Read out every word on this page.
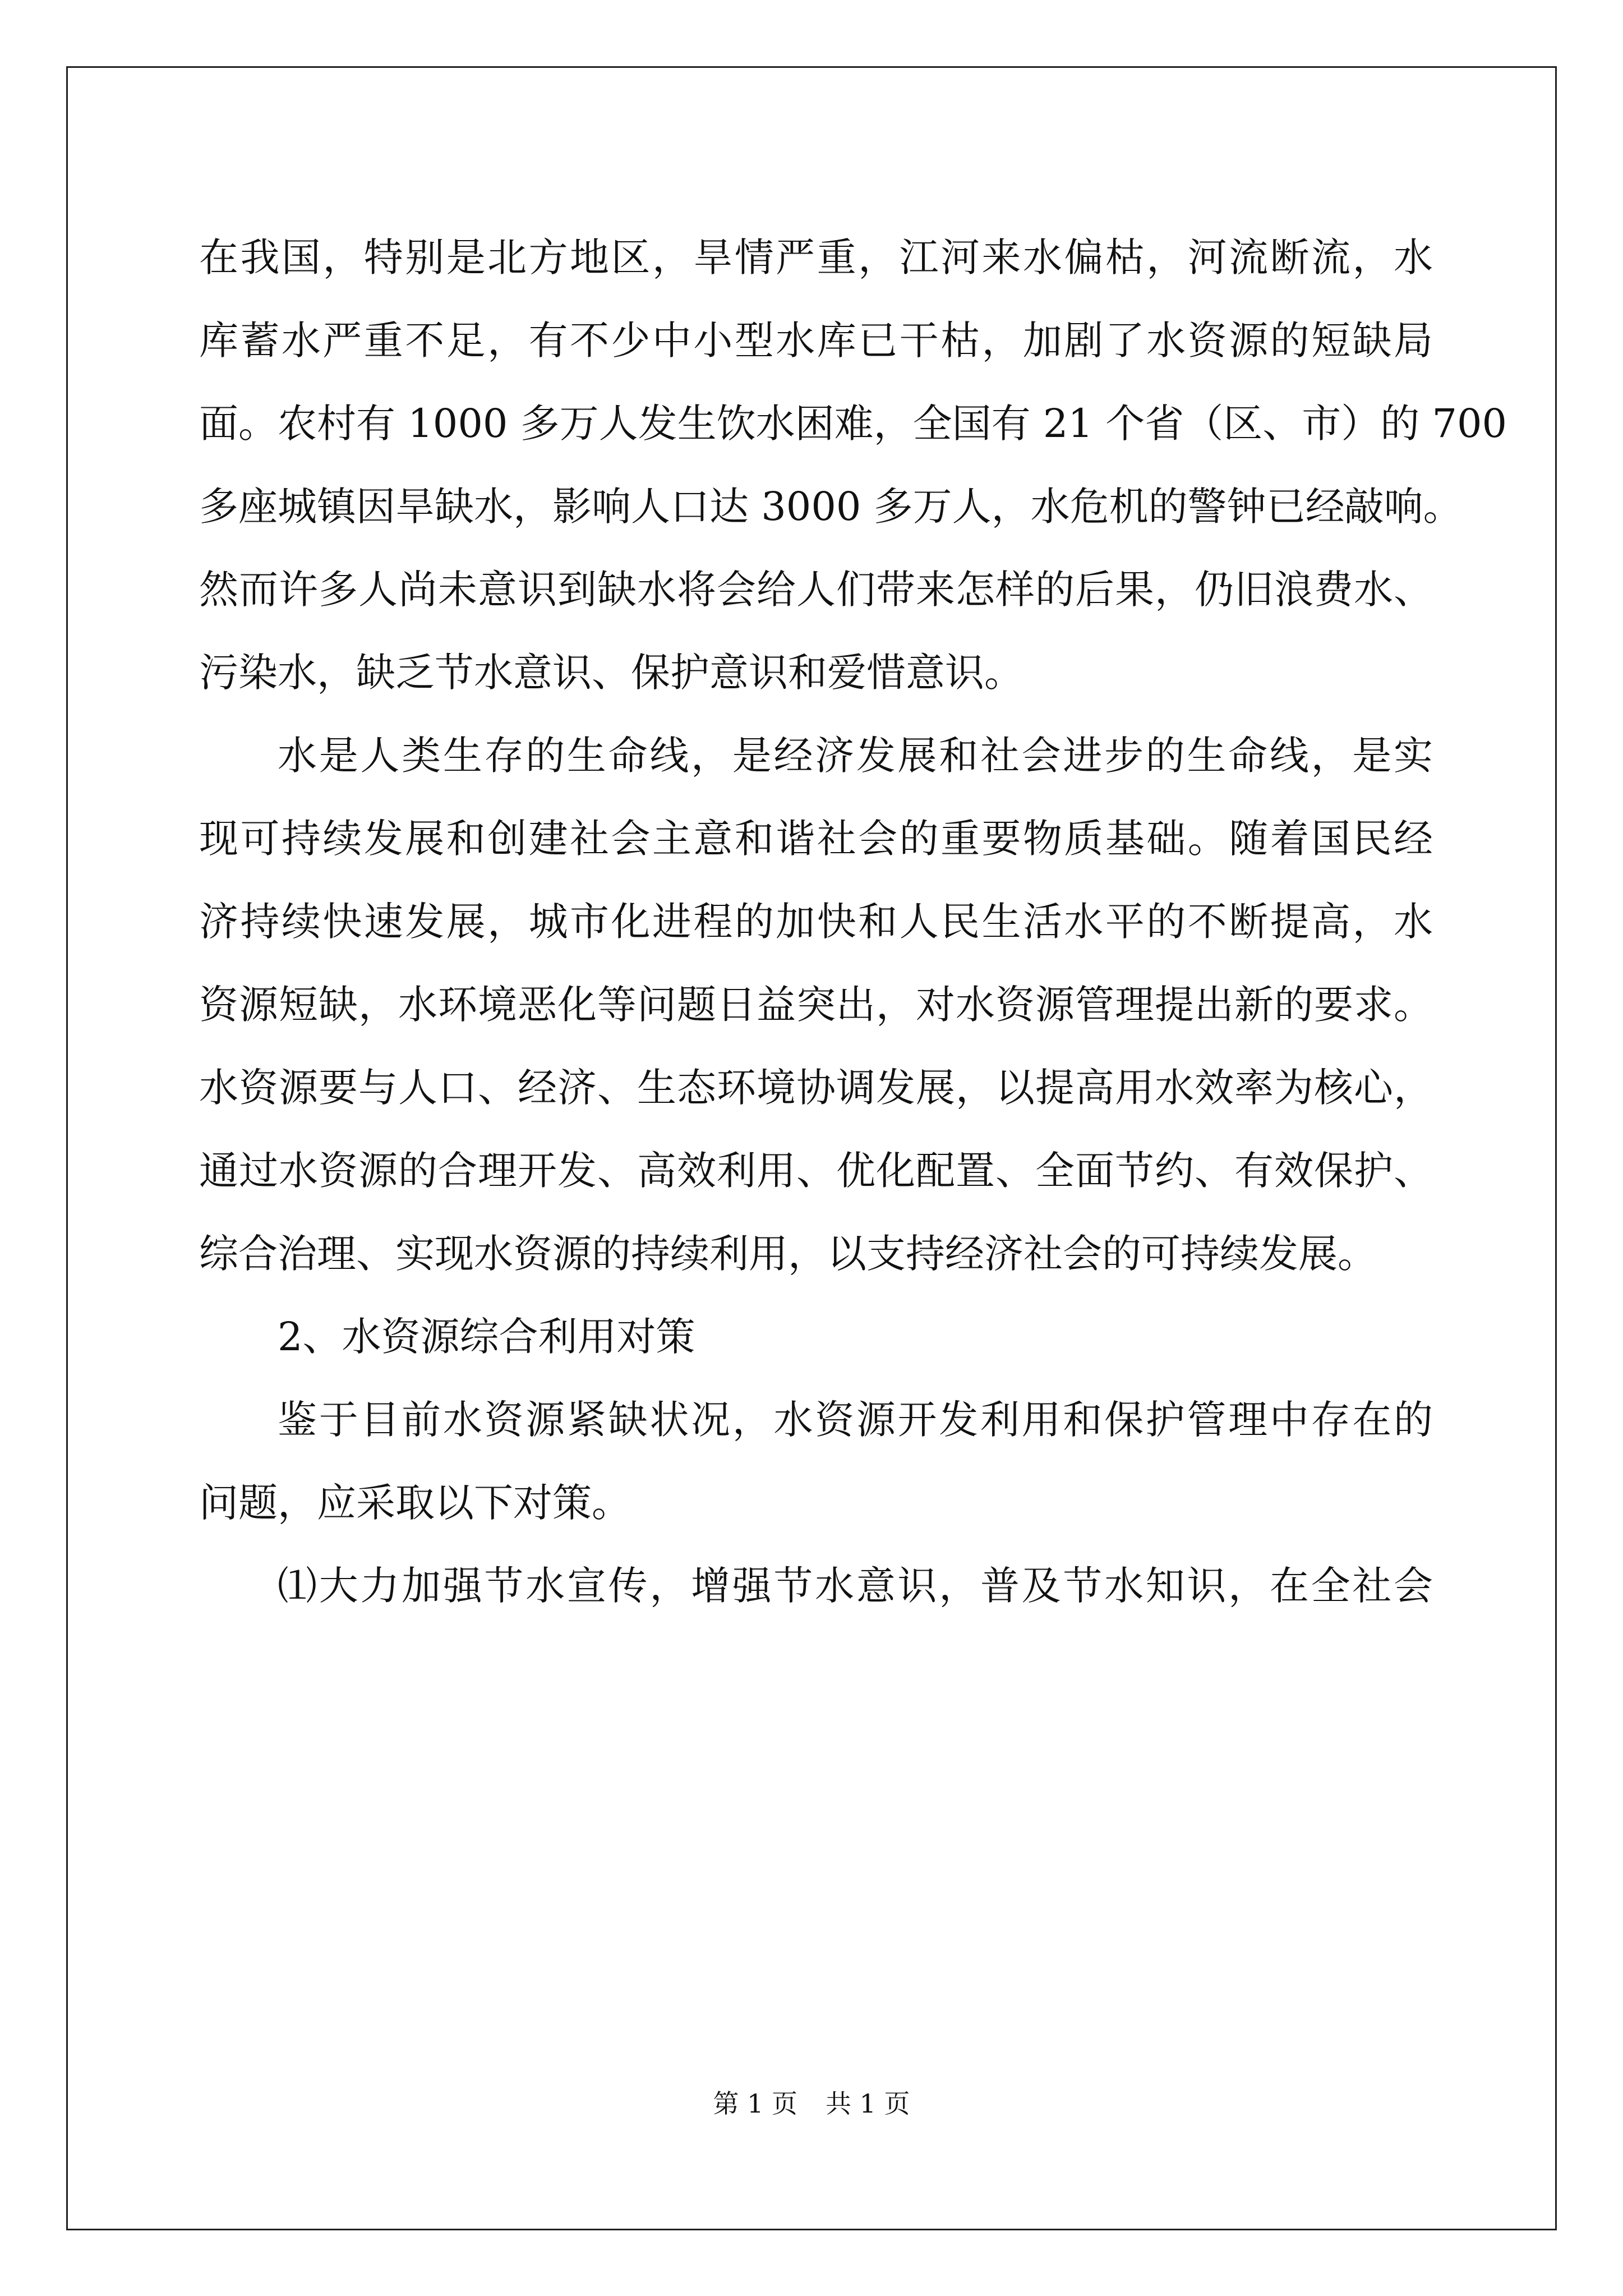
在我国，特别是北方地区，旱情严重，江河来水偏枯，河流断流，水
库蓄水严重不足，有不少中小型水库已干枯，加剧了水资源的短缺局
面。农村有 1000 多万人发生饮水困难，全国有 21 个省（区、市）的 700
多座城镇因旱缺水，影响人口达 3000 多万人，水危机的警钟已经敲响。
然而许多人尚未意识到缺水将会给人们带来怎样的后果，仍旧浪费水、
污染水，缺乏节水意识、保护意识和爱惜意识。
水是人类生存的生命线，是经济发展和社会进步的生命线，是实
现可持续发展和创建社会主意和谐社会的重要物质基础。随着国民经
济持续快速发展，城市化进程的加快和人民生活水平的不断提高，水
资源短缺，水环境恶化等问题日益突出，对水资源管理提出新的要求。
水资源要与人口、经济、生态环境协调发展，以提高用水效率为核心，
通过水资源的合理开发、高效利用、优化配置、全面节约、有效保护、
综合治理、实现水资源的持续利用，以支持经济社会的可持续发展。
2、水资源综合利用对策
鉴于目前水资源紧缺状况，水资源开发利用和保护管理中存在的
问题，应采取以下对策。
⑴大力加强节水宣传，增强节水意识，普及节水知识，在全社会
第 1 页 共 1 页
